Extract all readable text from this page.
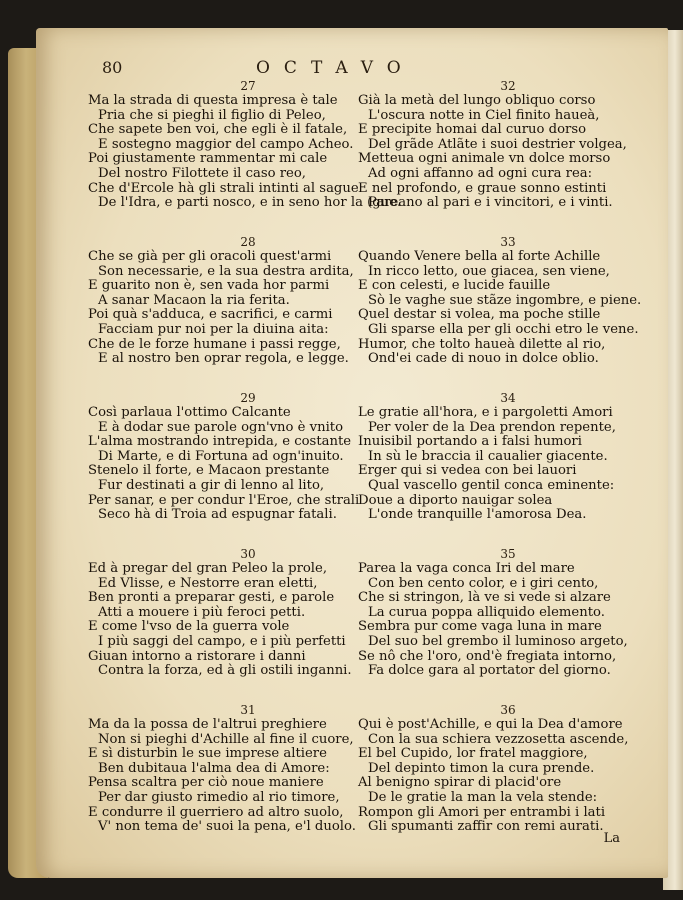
80	OCTAVO
27
Ma la strada di questa impresa è tale
Pria che si pieghi il figlio di Peleo,
Che sapete ben voi, che egli è il fatale,
E sostegno maggior del campo Acheo.
Poi giustamente rammentar mi cale
Del nostro Filottete il caso reo,
Che d'Ercole hà gli strali intinti al sague
De l'Idra, e parti nosco, e in seno hor la (gue.
28
Che se già per gli oracoli quest'armi
Son necessarie, e la sua destra ardita,
E guarito non è, sen vada hor parmi
A sanar Macaon la ria ferita.
Poi quà s'adduca, e sacrifici, e carmi
Facciam pur noi per la diuina aita:
Che de le forze humane i passi regge,
E al nostro ben oprar regola, e legge.
29
Così parlaua l'ottimo Calcante
E à dodar sue parole ogn'vno è vnito
L'alma mostrando intrepida, e costante
Di Marte, e di Fortuna ad ogn'inuito.
Stenelo il forte, e Macaon prestante
Fur destinati a gir di lenno al lito,
Per sanar, e per condur l'Eroe, che strali
Seco hà di Troia ad espugnar fatali.
30
Ed à pregar del gran Peleo la prole,
Ed Vlisse, e Nestorre eran eletti,
Ben pronti a preparar gesti, e parole
Atti a mouere i più feroci petti.
E come l'vso de la guerra vole
I più saggi del campo, e i più perfetti
Giuan intorno a ristorare i danni
Contra la forza, ed à gli ostili inganni.
31
Ma da la possa de l'altrui preghiere
Non si pieghi d'Achille al fine il cuore,
E sì disturbin le sue imprese altiere
Ben dubitaua l'alma dea di Amore:
Pensa scaltra per ciò noue maniere
Per dar giusto rimedio al rio timore,
E condurre il guerriero ad altro suolo,
V' non tema de' suoi la pena, e'l duolo.
32
Già la metà del lungo obliquo corso
L'oscura notte in Ciel finito haueà,
E precipite homai dal curuo dorso
Del grãde Atlãte i suoi destrier volgea,
Metteua ogni animale vn dolce morso
Ad ogni affanno ad ogni cura rea:
E nel profondo, e graue sonno estinti
Pareano al pari e i vincitori, e i vinti.
33
Quando Venere bella al forte Achille
In ricco letto, oue giacea, sen viene,
E con celesti, e lucide fauille
Sò le vaghe sue stãze ingombre, e piene.
Quel destar si volea, ma poche stille
Gli sparse ella per gli occhi etro le vene.
Humor, che tolto haueà dilette al rio,
Ond'ei cade di nouo in dolce oblio.
34
Le gratie all'hora, e i pargoletti Amori
Per voler de la Dea prendon repente,
Inuisibil portando a i falsi humori
In sù le braccia il caualier giacente.
Erger qui si vedea con bei lauori
Qual vascello gentil conca eminente:
Doue a diporto nauigar solea
L'onde tranquille l'amorosa Dea.
35
Parea la vaga conca Iri del mare
Con ben cento color, e i giri cento,
Che si stringon, là ve si vede si alzare
La curua poppa alliquido elemento.
Sembra pur come vaga luna in mare
Del suo bel grembo il luminoso argeto,
Se nô che l'oro, ond'è fregiata intorno,
Fa dolce gara al portator del giorno.
36
Qui è post'Achille, e qui la Dea d'amore
Con la sua schiera vezzosetta ascende,
El bel Cupido, lor fratel maggiore,
Del depinto timon la cura prende.
Al benigno spirar di placid'ore
De le gratie la man la vela stende:
Rompon gli Amori per entrambi i lati
Gli spumanti zaffir con remi aurati.
La
